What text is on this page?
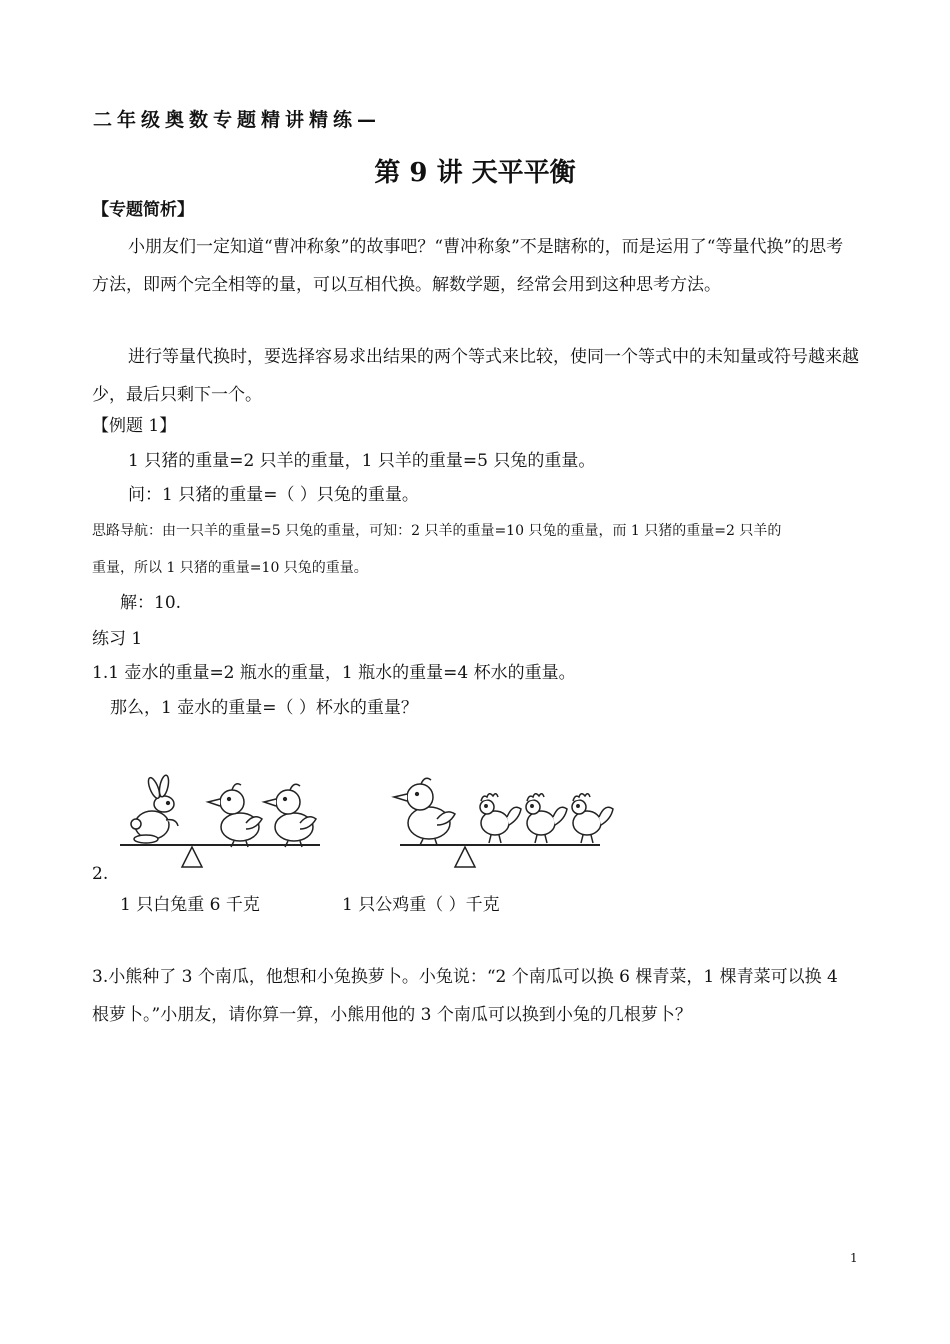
二年级奥数专题精讲精练—
第 9 讲 天平平衡
【专题简析】
小朋友们一定知道“曹冲称象”的故事吧？“曹冲称象”不是瞎称的，而是运用了“等量代换”的思考方法，即两个完全相等的量，可以互相代换。解数学题，经常会用到这种思考方法。
进行等量代换时，要选择容易求出结果的两个等式来比较，使同一个等式中的未知量或符号越来越少，最后只剩下一个。
【例题 1】
1 只猪的重量=2 只羊的重量，1 只羊的重量=5 只兔的重量。
问：1 只猪的重量=（ ）只兔的重量。
思路导航：由一只羊的重量=5 只兔的重量，可知：2 只羊的重量=10 只兔的重量，而 1 只猪的重量=2 只羊的
重量，所以 1 只猪的重量=10 只兔的重量。
解：10.
练习 1
1.1 壶水的重量=2 瓶水的重量，1 瓶水的重量=4 杯水的重量。
那么，1 壶水的重量=（ ）杯水的重量？
2.
1 只白兔重 6 千克	1 只公鸡重（ ）千克
3.小熊种了 3 个南瓜，他想和小兔换萝卜。小兔说：“2 个南瓜可以换 6 棵青菜，1 棵青菜可以换 4 根萝卜。”小朋友，请你算一算，小熊用他的 3 个南瓜可以换到小兔的几根萝卜？
1
